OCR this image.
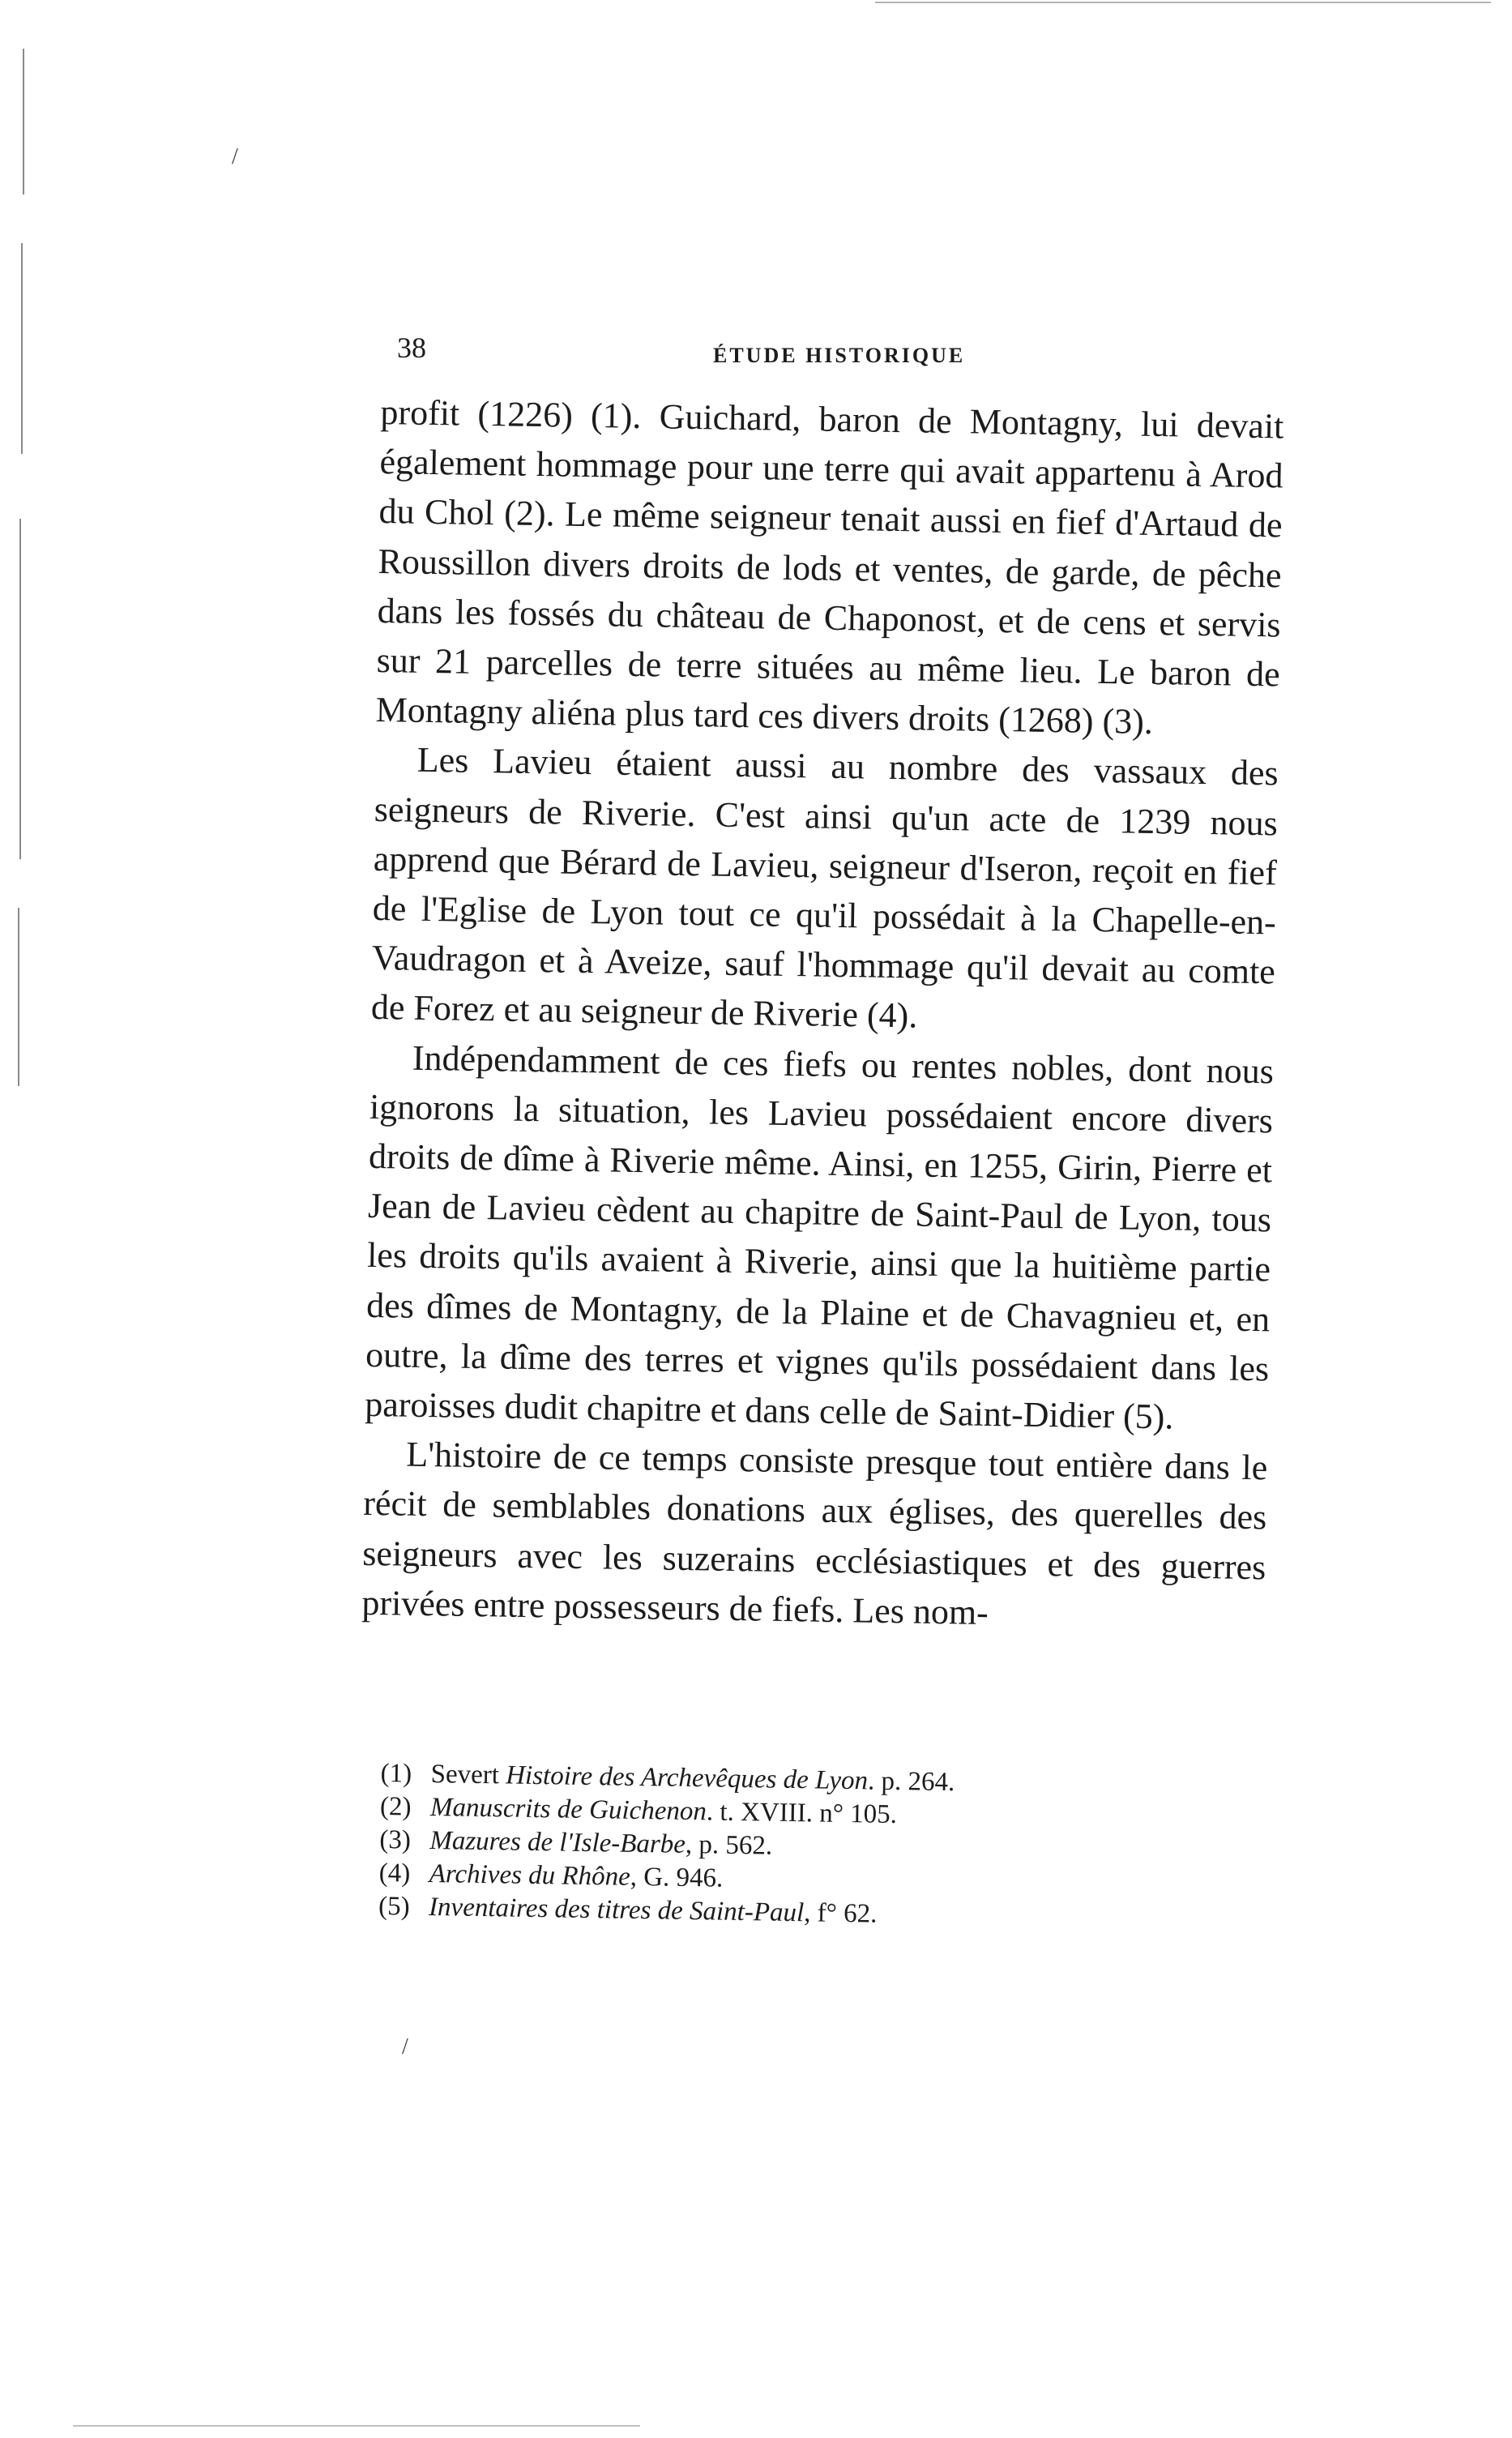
/
/
38	ÉTUDE HISTORIQUE

profit (1226) (1). Guichard, baron de Montagny, lui devait également hommage pour une terre qui avait appartenu à Arod du Chol (2). Le même seigneur tenait aussi en fief d'Artaud de Roussillon divers droits de lods et ventes, de garde, de pêche dans les fossés du château de Chaponost, et de cens et servis sur 21 parcelles de terre situées au même lieu. Le baron de Montagny aliéna plus tard ces divers droits (1268) (3).

Les Lavieu étaient aussi au nombre des vassaux des seigneurs de Riverie. C'est ainsi qu'un acte de 1239 nous apprend que Bérard de Lavieu, seigneur d'Iseron, reçoit en fief de l'Eglise de Lyon tout ce qu'il possédait à la Chapelle-en-Vaudragon et à Aveize, sauf l'hommage qu'il devait au comte de Forez et au seigneur de Riverie (4).

Indépendamment de ces fiefs ou rentes nobles, dont nous ignorons la situation, les Lavieu possédaient encore divers droits de dîme à Riverie même. Ainsi, en 1255, Girin, Pierre et Jean de Lavieu cèdent au chapitre de Saint-Paul de Lyon, tous les droits qu'ils avaient à Riverie, ainsi que la huitième partie des dîmes de Montagny, de la Plaine et de Chavagnieu et, en outre, la dîme des terres et vignes qu'ils possédaient dans les paroisses dudit chapitre et dans celle de Saint-Didier (5).

L'histoire de ce temps consiste presque tout entière dans le récit de semblables donations aux églises, des querelles des seigneurs avec les suzerains ecclésiastiques et des guerres privées entre possesseurs de fiefs. Les nom-

(1) Severt Histoire des Archevêques de Lyon. p. 264.

(2) Manuscrits de Guichenon. t. XVIII. n° 105.

(3) Mazures de l'Isle-Barbe, p. 562.

(4) Archives du Rhône, G. 946.

(5) Inventaires des titres de Saint-Paul, f° 62.
